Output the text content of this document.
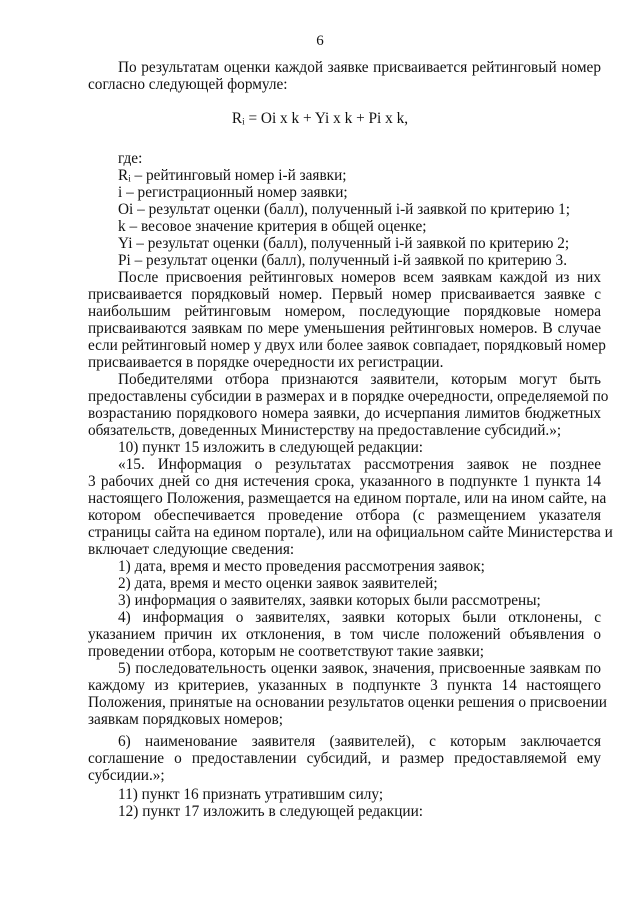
6
По результатам оценки каждой заявке присваивается рейтинговый номер
согласно следующей формуле:
Rᵢ = Oi x k + Yi x k + Pi x k,
где:
Rᵢ – рейтинговый номер i-й заявки;
i – регистрационный номер заявки;
Oi – результат оценки (балл), полученный i-й заявкой по критерию 1;
k – весовое значение критерия в общей оценке;
Yi – результат оценки (балл), полученный i-й заявкой по критерию 2;
Pi – результат оценки (балл), полученный i-й заявкой по критерию 3.
После присвоения рейтинговых номеров всем заявкам каждой из них
присваивается порядковый номер. Первый номер присваивается заявке с
наибольшим рейтинговым номером, последующие порядковые номера
присваиваются заявкам по мере уменьшения рейтинговых номеров. В случае
если рейтинговый номер у двух или более заявок совпадает, порядковый номер
присваивается в порядке очередности их регистрации.
Победителями отбора признаются заявители, которым могут быть
предоставлены субсидии в размерах и в порядке очередности, определяемой по
возрастанию порядкового номера заявки, до исчерпания лимитов бюджетных
обязательств, доведенных Министерству на предоставление субсидий.»;
10) пункт 15 изложить в следующей редакции:
«15. Информация о результатах рассмотрения заявок не позднее
3 рабочих дней со дня истечения срока, указанного в подпункте 1 пункта 14
настоящего Положения, размещается на едином портале, или на ином сайте, на
котором обеспечивается проведение отбора (с размещением указателя
страницы сайта на едином портале), или на официальном сайте Министерства и
включает следующие сведения:
1) дата, время и место проведения рассмотрения заявок;
2) дата, время и место оценки заявок заявителей;
3) информация о заявителях, заявки которых были рассмотрены;
4) информация о заявителях, заявки которых были отклонены, с
указанием причин их отклонения, в том числе положений объявления о
проведении отбора, которым не соответствуют такие заявки;
5) последовательность оценки заявок, значения, присвоенные заявкам по
каждому из критериев, указанных в подпункте 3 пункта 14 настоящего
Положения, принятые на основании результатов оценки решения о присвоении
заявкам порядковых номеров;
6) наименование заявителя (заявителей), с которым заключается
соглашение о предоставлении субсидий, и размер предоставляемой ему
субсидии.»;
11) пункт 16 признать утратившим силу;
12) пункт 17 изложить в следующей редакции:
